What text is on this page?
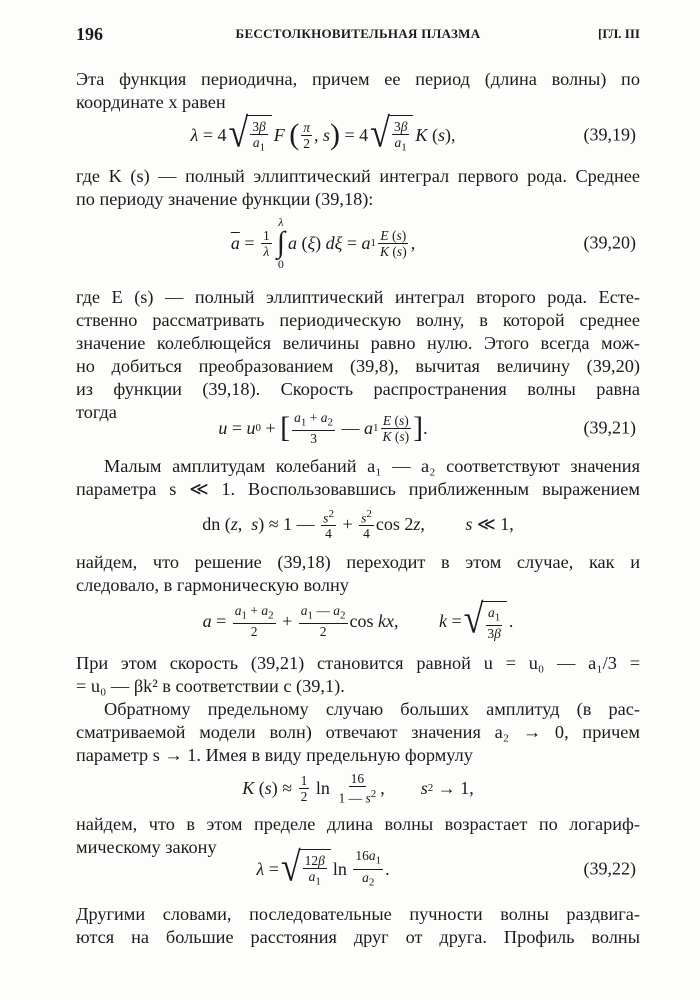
196	БЕССТОЛКНОВИТЕЛЬНАЯ ПЛАЗМА	[ГЛ. III
Эта функция периодична, причем ее период (длина волны) по
координате x равен
λ = 4 √ 3β
$a_1$
F
( π
2 , s ) = 4 √ 3β
$a_1$
K ( s ),	(39,19)
где K (s) — полный эллиптический интеграл первого рода. Среднее
по периоду значение функции (39,18):
$\overline{a} = 1$
λ
λ
∫
0
a ( ξ ) dξ = a 1
E (s)
K (s) ,	(39,20)
где E (s) — полный эллиптический интеграл второго рода. Есте-
ственно рассматривать периодическую волну, в которой среднее
значение колеблющейся величины равно нулю. Этого всегда мож-
но добиться преобразованием (39,8), вычитая величину (39,20)
из функции (39,18). Скорость распространения волны равна
тогда
u = u 0 + [ $a_1 + a_2$
3
— a 1
E (s)
K (s) ] .	(39,21)
Малым амплитудам колебаний a₁ — a₂ соответствуют значения
параметра s ≪ 1. Воспользовавшись приближенным выражением
dn ( z , s ) ≈ 1 — $s^2$
4
+ $s^2$
4
cos 2 z , s ≪ 1,
найдем, что решение (39,18) переходит в этом случае, как и
следовало, в гармоническую волну
a =
$a_1 + a_2$
2
+
$a_1$ — $a_2$
2
cos kx , k = √ $a_1$
3β
.
При этом скорость (39,21) становится равной u = u₀ — a₁/3 =
= u₀ — βk² в соответствии с (39,1).
Обратному предельному случаю больших амплитуд (в рас-
сматриваемой модели волн) отвечают значения a₂ → 0, причем
параметр s → 1. Имея в виду предельную формулу
K ( s ) ≈ 1
2 ln 16
1 — $s^2$ , s 2 → 1,
найдем, что в этом пределе длина волны возрастает по логариф-
мическому закону
λ = √ 12β
$a_1$
ln
$16a_1$
$a_2$
.	(39,22)
Другими словами, последовательные пучности волны раздвига-
ются на большие расстояния друг от друга. Профиль волны
